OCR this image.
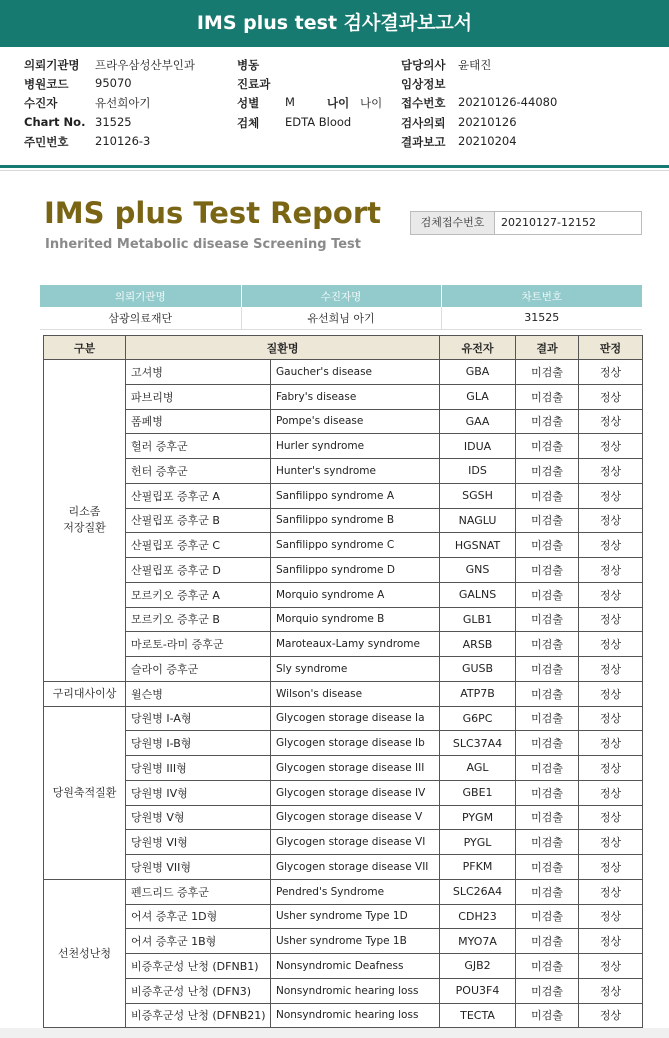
IMS plus test 검사결과보고서
의뢰기관명 프라우삼성산부인과
병원코드 95070
수진자	유선희아기
Chart No. 31525
주민번호 210126-3
병동
진료과
성별 M	나이 나이
검체 EDTA Blood
담당의사 윤태진
임상정보
접수번호 20210126-44080
검사의뢰 20210126
결과보고 20210204
IMS plus Test Report
Inherited Metabolic disease Screening Test
검체접수번호	20210127-12152
의뢰기관명	수진자명	차트번호
삼광의료재단	유선희님 아기	31525
구분	질환명		유전자	결과	판정
리소좀
저장질환	고셔병	Gaucher's disease	GBA	미검출	정상
	파브리병	Fabry's disease	GLA	미검출	정상
	폼페병	Pompe's disease	GAA	미검출	정상
	헐러 증후군	Hurler syndrome	IDUA	미검출	정상
	헌터 증후군	Hunter's syndrome	IDS	미검출	정상
	산필립포 증후군 A	Sanfilippo syndrome A	SGSH	미검출	정상
	산필립포 증후군 B	Sanfilippo syndrome B	NAGLU	미검출	정상
	산필립포 증후군 C	Sanfilippo syndrome C	HGSNAT	미검출	정상
	산필립포 증후군 D	Sanfilippo syndrome D	GNS	미검출	정상
	모르키오 증후군 A	Morquio syndrome A	GALNS	미검출	정상
	모르키오 증후군 B	Morquio syndrome B	GLB1	미검출	정상
	마로토-라미 증후군	Maroteaux-Lamy syndrome	ARSB	미검출	정상
	슬라이 증후군	Sly syndrome	GUSB	미검출	정상
구리대사이상	윌슨병	Wilson's disease	ATP7B	미검출	정상
당원축적질환	당원병 I-A형	Glycogen storage disease Ia	G6PC	미검출	정상
	당원병 I-B형	Glycogen storage disease Ib	SLC37A4	미검출	정상
	당원병 III형	Glycogen storage disease III	AGL	미검출	정상
	당원병 IV형	Glycogen storage disease IV	GBE1	미검출	정상
	당원병 V형	Glycogen storage disease V	PYGM	미검출	정상
	당원병 VI형	Glycogen storage disease VI	PYGL	미검출	정상
	당원병 VII형	Glycogen storage disease VII	PFKM	미검출	정상
선천성난청	펜드리드 증후군	Pendred's Syndrome	SLC26A4	미검출	정상
	어셔 증후군 1D형	Usher syndrome Type 1D	CDH23	미검출	정상
	어셔 증후군 1B형	Usher syndrome Type 1B	MYO7A	미검출	정상
	비증후군성 난청 (DFNB1)	Nonsyndromic Deafness	GJB2	미검출	정상
	비증후군성 난청 (DFN3)	Nonsyndromic hearing loss	POU3F4	미검출	정상
	비증후군성 난청 (DFNB21)	Nonsyndromic hearing loss	TECTA	미검출	정상
